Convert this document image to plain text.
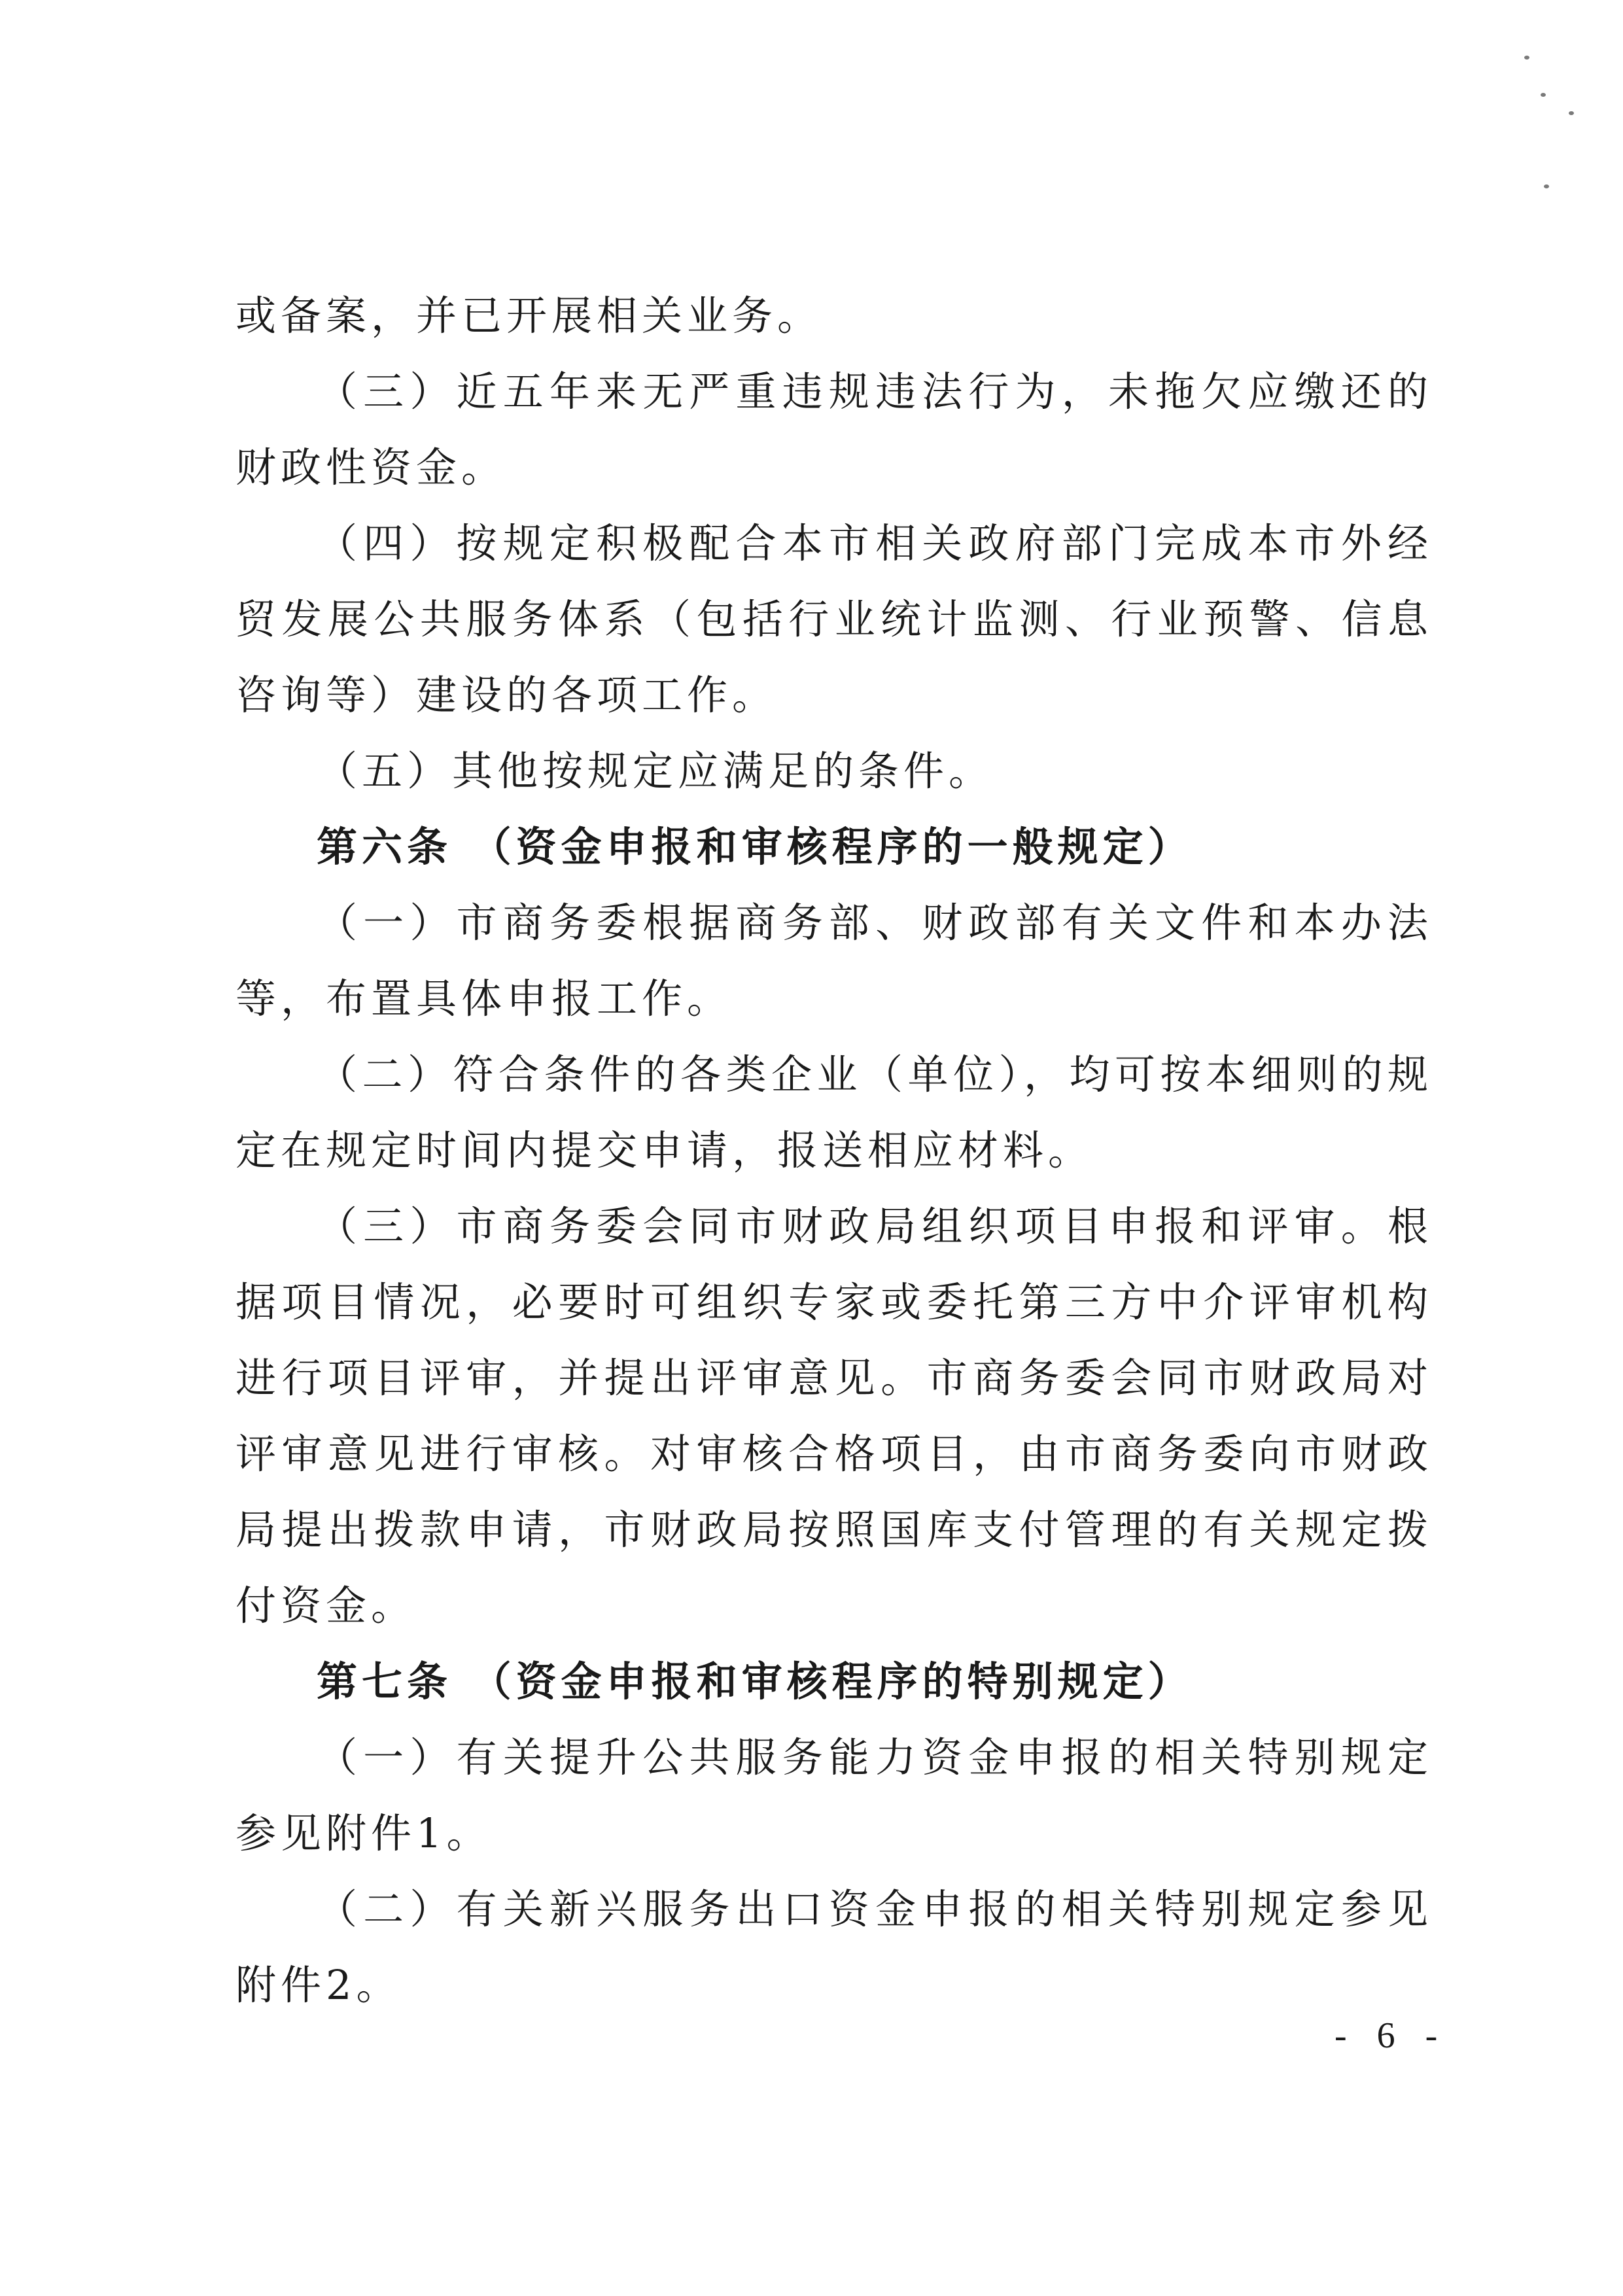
或备案，并已开展相关业务。

（三）近五年来无严重违规违法行为，未拖欠应缴还的财政性资金。

（四）按规定积极配合本市相关政府部门完成本市外经贸发展公共服务体系（包括行业统计监测、行业预警、信息咨询等）建设的各项工作。

（五）其他按规定应满足的条件。

第六条 （资金申报和审核程序的一般规定）

（一）市商务委根据商务部、财政部有关文件和本办法等，布置具体申报工作。

（二）符合条件的各类企业（单位），均可按本细则的规定在规定时间内提交申请，报送相应材料。

（三）市商务委会同市财政局组织项目申报和评审。根据项目情况，必要时可组织专家或委托第三方中介评审机构进行项目评审，并提出评审意见。市商务委会同市财政局对评审意见进行审核。对审核合格项目，由市商务委向市财政局提出拨款申请，市财政局按照国库支付管理的有关规定拨付资金。

第七条 （资金申报和审核程序的特别规定）

（一）有关提升公共服务能力资金申报的相关特别规定参见附件1。

（二）有关新兴服务出口资金申报的相关特别规定参见附件2。

- 6 -
